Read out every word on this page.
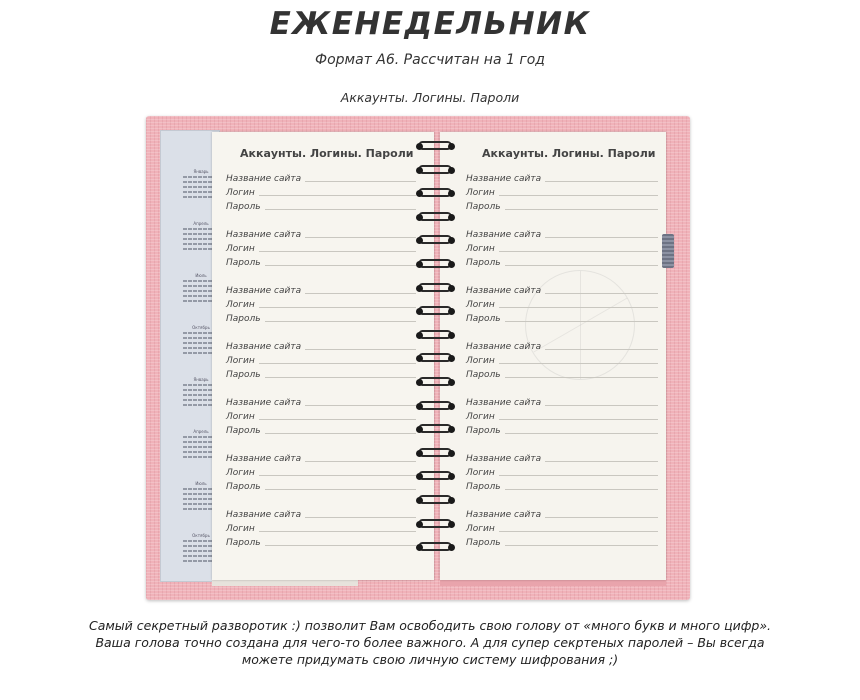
ЕЖЕНЕДЕЛЬНИК
Формат А6. Рассчитан на 1 год
Аккаунты. Логины. Пароли
Январь
Апрель
Июль
Октябрь
Январь
Апрель
Июль
Октябрь
Аккаунты. Логины. Пароли
Название сайта
Логин
Пароль
Название сайта
Логин
Пароль
Название сайта
Логин
Пароль
Название сайта
Логин
Пароль
Название сайта
Логин
Пароль
Название сайта
Логин
Пароль
Название сайта
Логин
Пароль
Аккаунты. Логины. Пароли
Название сайта
Логин
Пароль
Название сайта
Логин
Пароль
Название сайта
Логин
Пароль
Название сайта
Логин
Пароль
Название сайта
Логин
Пароль
Название сайта
Логин
Пароль
Название сайта
Логин
Пароль
Самый секретный разворотик :) позволит Вам освободить свою голову от «много букв и много цифр».
Ваша голова точно создана для чего-то более важного. А для супер секртеных паролей – Вы всегда
можете придумать свою личную систему шифрования ;)
